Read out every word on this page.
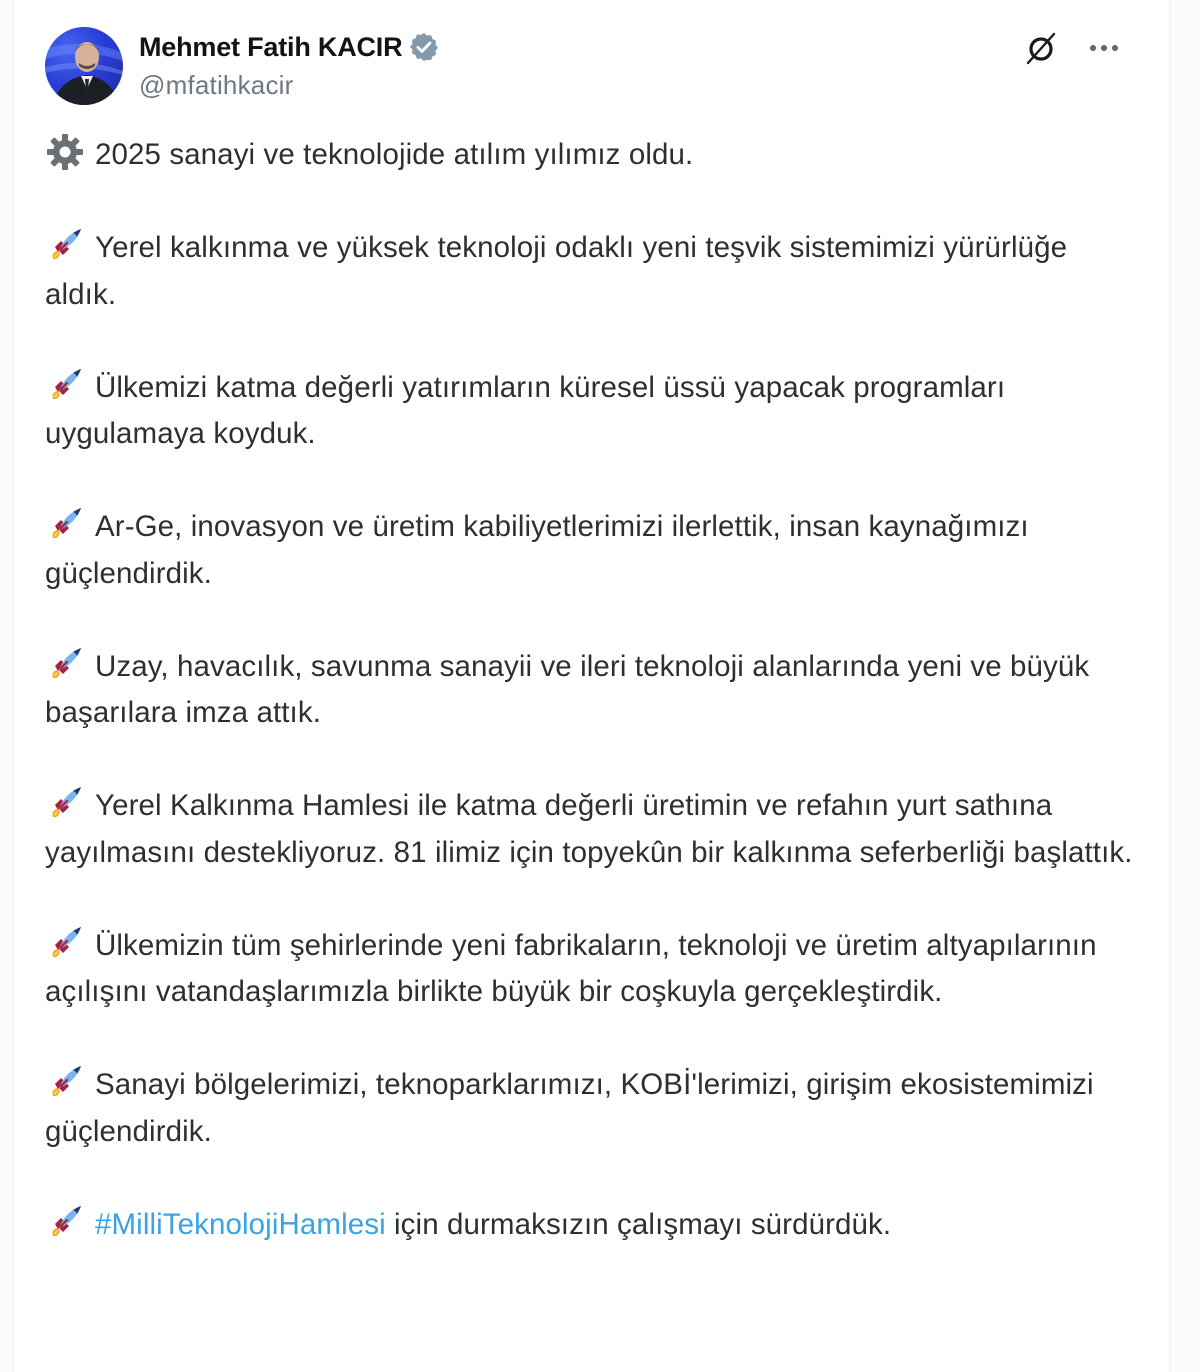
Mehmet Fatih KACIR
@mfatihkacir

2025 sanayi ve teknolojide atılım yılımız oldu.

Yerel kalkınma ve yüksek teknoloji odaklı yeni teşvik sistemimizi yürürlüğe aldık.

Ülkemizi katma değerli yatırımların küresel üssü yapacak programları uygulamaya koyduk.

Ar-Ge, inovasyon ve üretim kabiliyetlerimizi ilerlettik, insan kaynağımızı güçlendirdik.

Uzay, havacılık, savunma sanayii ve ileri teknoloji alanlarında yeni ve büyük başarılara imza attık.

Yerel Kalkınma Hamlesi ile katma değerli üretimin ve refahın yurt sathına yayılmasını destekliyoruz. 81 ilimiz için topyekûn bir kalkınma seferberliği başlattık.

Ülkemizin tüm şehirlerinde yeni fabrikaların, teknoloji ve üretim altyapılarının açılışını vatandaşlarımızla birlikte büyük bir coşkuyla gerçekleştirdik.

Sanayi bölgelerimizi, teknoparklarımızı, KOBİ'lerimizi, girişim ekosistemimizi güçlendirdik.

#MilliTeknolojiHamlesi için durmaksızın çalışmayı sürdürdük.
